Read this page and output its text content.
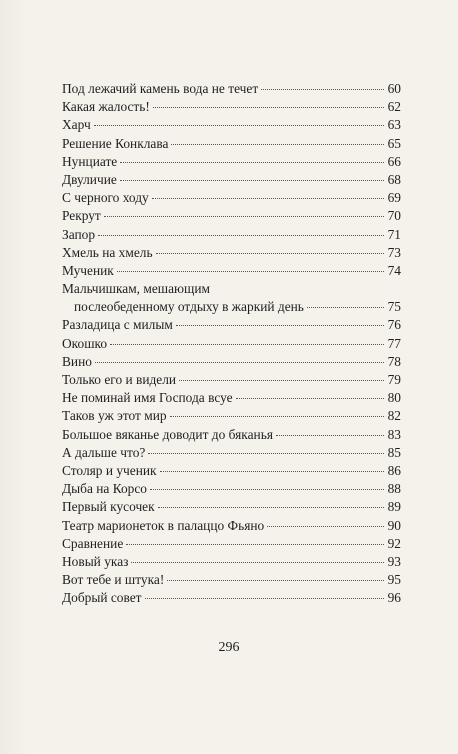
Под лежачий камень вода не течет	60
Какая жалость!	62
Харч	63
Решение Конклава	65
Нунциате	66
Двуличие	68
С черного ходу	69
Рекрут	70
Запор	71
Хмель на хмель	73
Мученик	74
Мальчишкам, мешающим
послеобеденному отдыху в жаркий день	75
Разладица с милым	76
Окошко	77
Вино	78
Только его и видели	79
Не поминай имя Господа всуе	80
Таков уж этот мир	82
Большое вяканье доводит до бяканья	83
А дальше что?	85
Столяр и ученик	86
Дыба на Корсо	88
Первый кусочек	89
Театр марионеток в палаццо Фьяно	90
Сравнение	92
Новый указ	93
Вот тебе и штука!	95
Добрый совет	96
296
